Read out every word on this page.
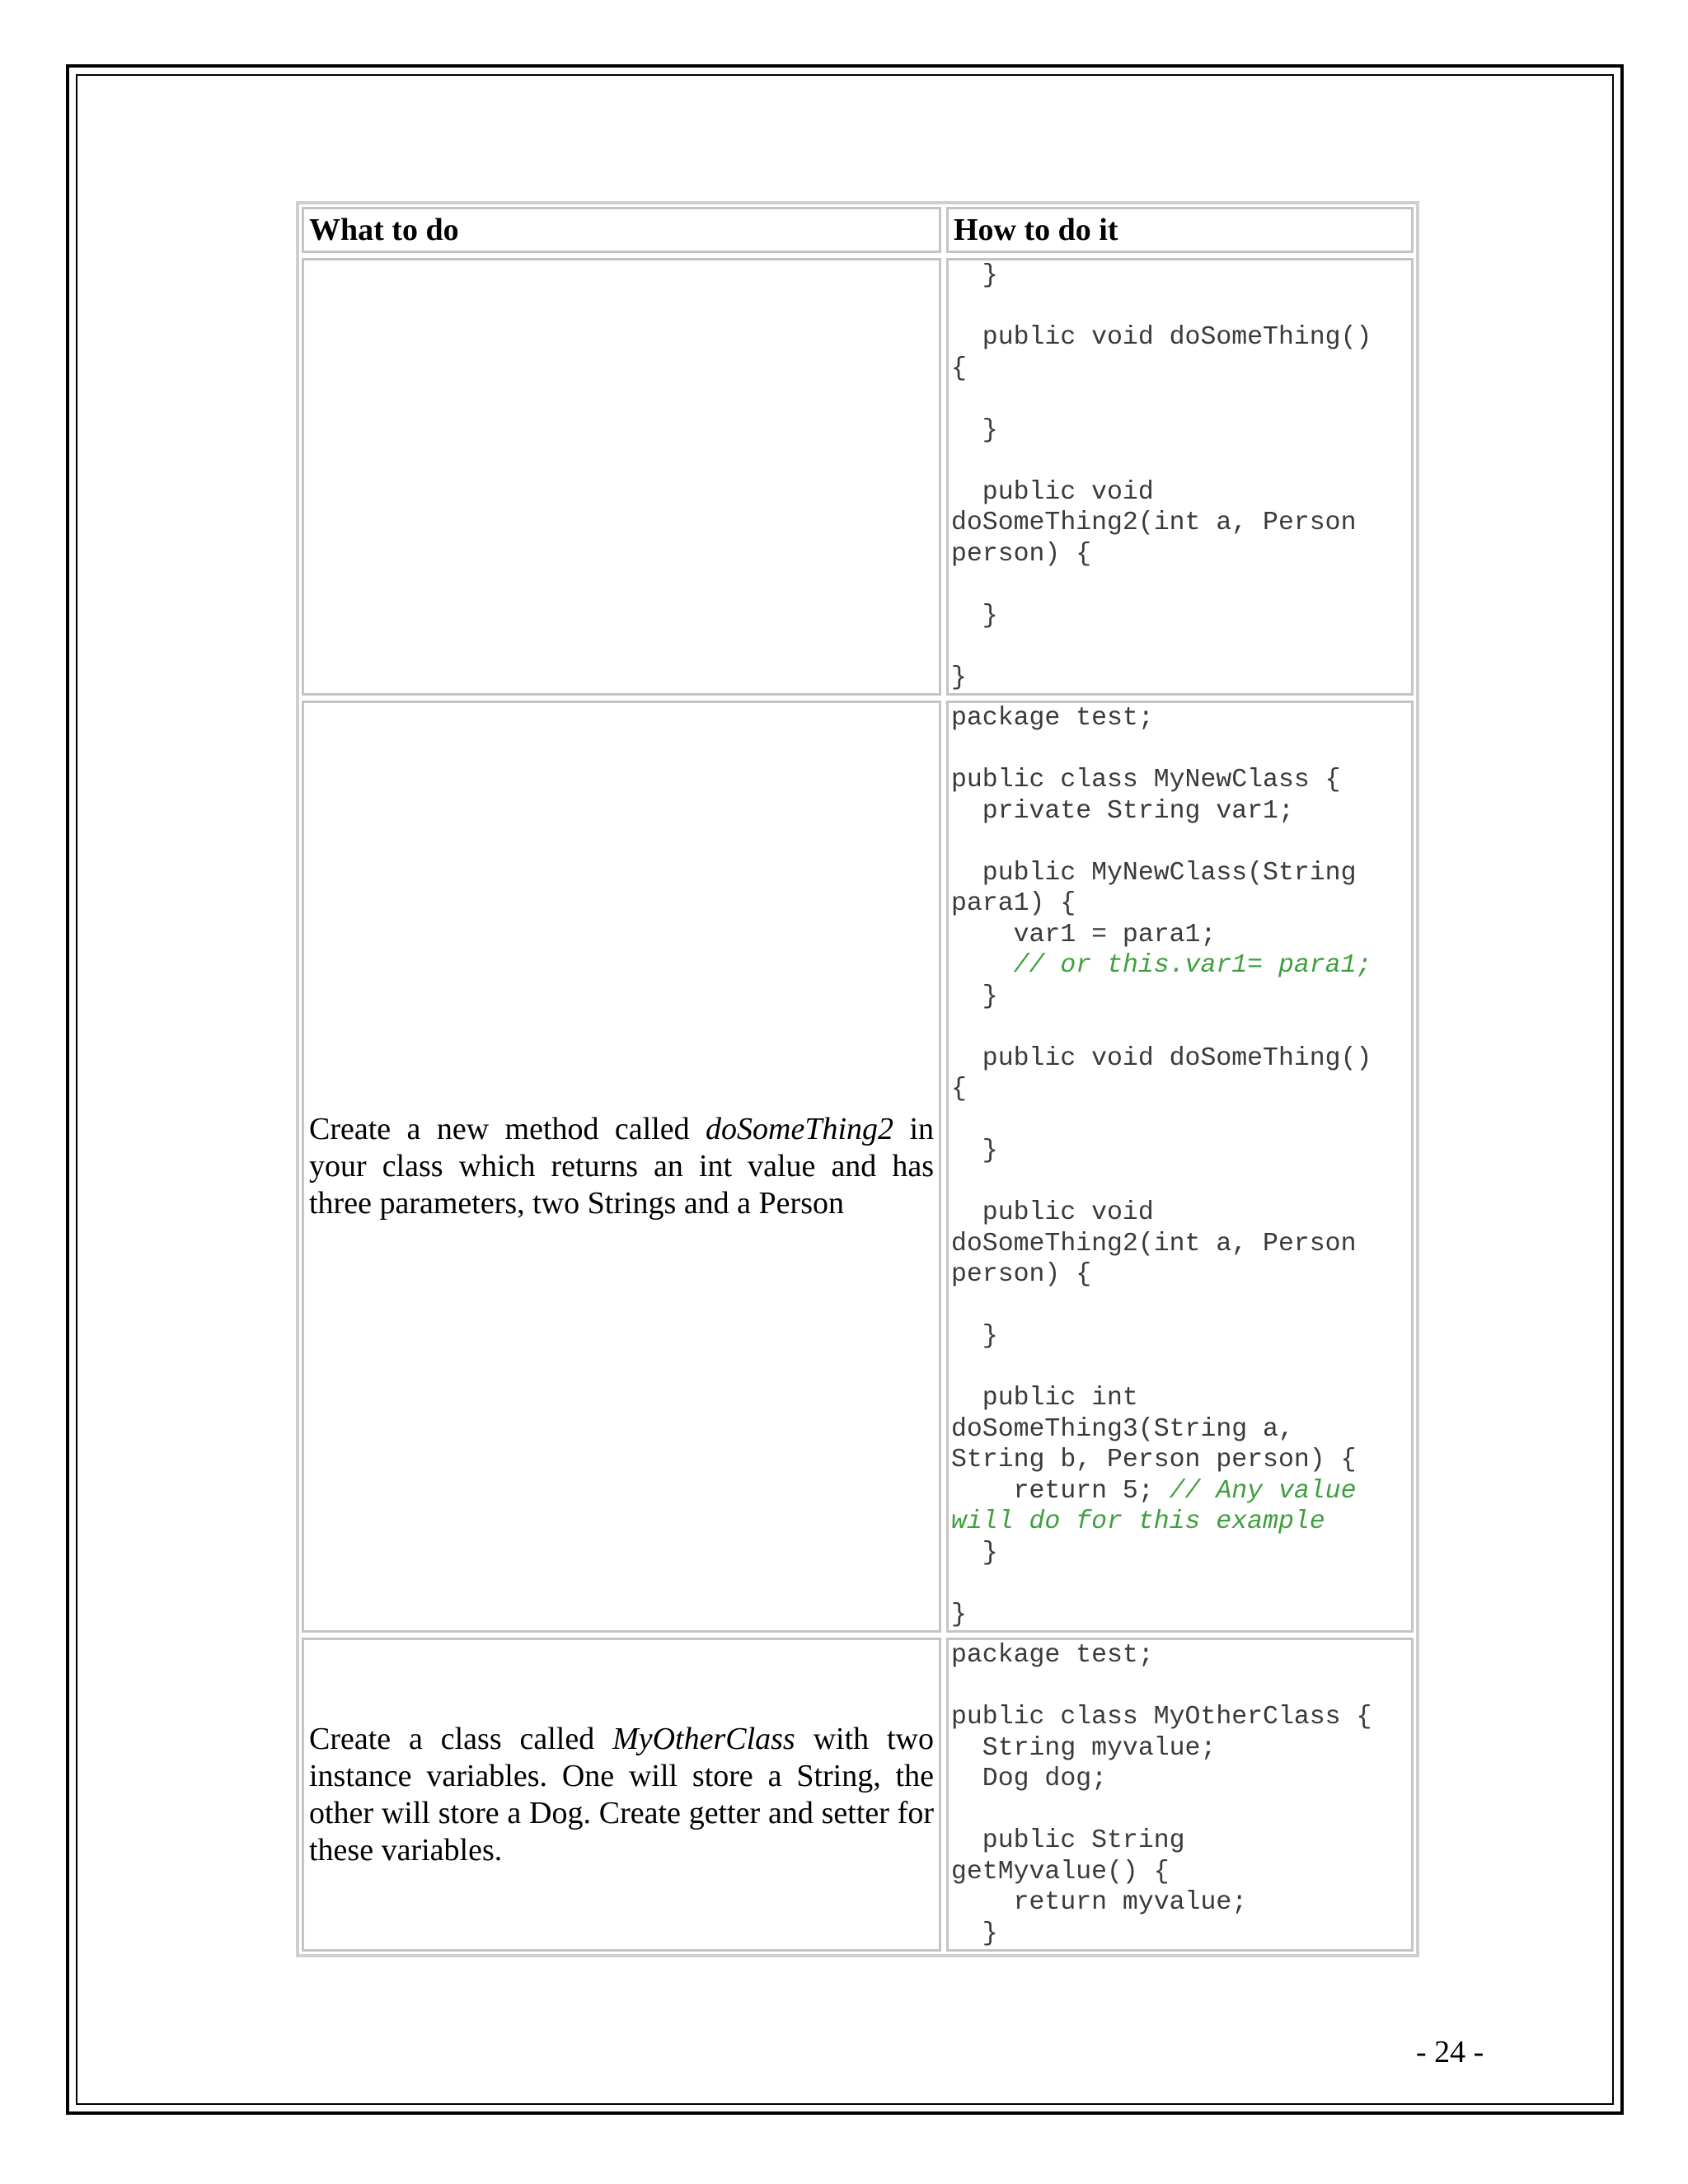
What to do	How to do it
}

public void doSomeThing()
{

}

public void
doSomeThing2(int a, Person
person) {

}

}
Create a new method called doSomeThing2 in your class which returns an int value and has three parameters, two Strings and a Person
package test;

public class MyNewClass {
private String var1;

public MyNewClass(String
para1) {
var1 = para1;
// or this.var1= para1;
}

public void doSomeThing()
{

}

public void
doSomeThing2(int a, Person
person) {

}

public int
doSomeThing3(String a,
String b, Person person) {
return 5; // Any value
will do for this example
}

}
Create a class called MyOtherClass with two instance variables. One will store a String, the other will store a Dog. Create getter and setter for these variables.
package test;

public class MyOtherClass {
String myvalue;
Dog dog;

public String
getMyvalue() {
return myvalue;
}
- 24 -
